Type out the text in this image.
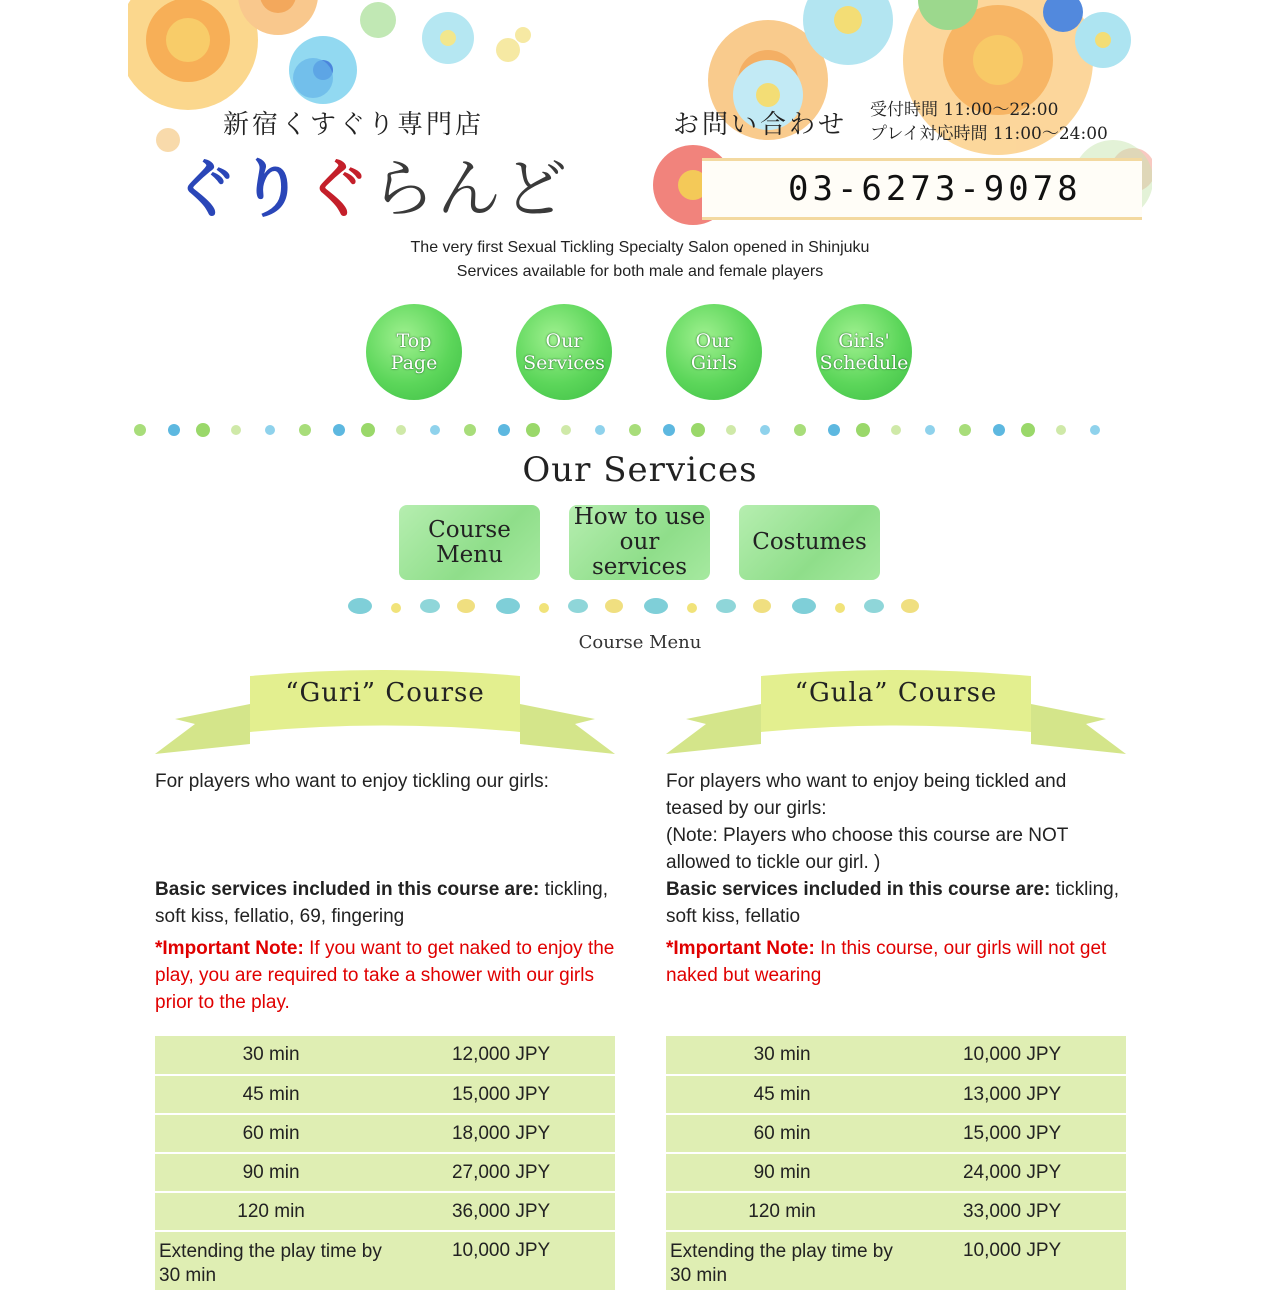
新宿くすぐり専門店
ぐりぐらんど
お問い合わせ 受付時間 11:00〜22:00
プレイ対応時間 11:00〜24:00
03-6273-9078
The very first Sexual Tickling Specialty Salon opened in Shinjuku
Services available for both male and female players
Top
Page
Our
Services
Our
Girls
Girls'
Schedule
Our Services
Course
Menu
How to use
our services
Costumes
Course Menu
“Guri” Course
For players who want to enjoy tickling our girls:
Basic services included in this course are: tickling, soft kiss, fellatio, 69, fingering
*Important Note: If you want to get naked to enjoy the play, you are required to take a shower with our girls prior to the play.
30 min	12,000 JPY
45 min	15,000 JPY
60 min	18,000 JPY
90 min	27,000 JPY
120 min	36,000 JPY
Extending the play time by 30 min	10,000 JPY
“Gula” Course
For players who want to enjoy being tickled and teased by our girls:
(Note: Players who choose this course are NOT allowed to tickle our girl. )
Basic services included in this course are: tickling, soft kiss, fellatio
*Important Note: In this course, our girls will not get naked but wearing
30 min	10,000 JPY
45 min	13,000 JPY
60 min	15,000 JPY
90 min	24,000 JPY
120 min	33,000 JPY
Extending the play time by 30 min	10,000 JPY
